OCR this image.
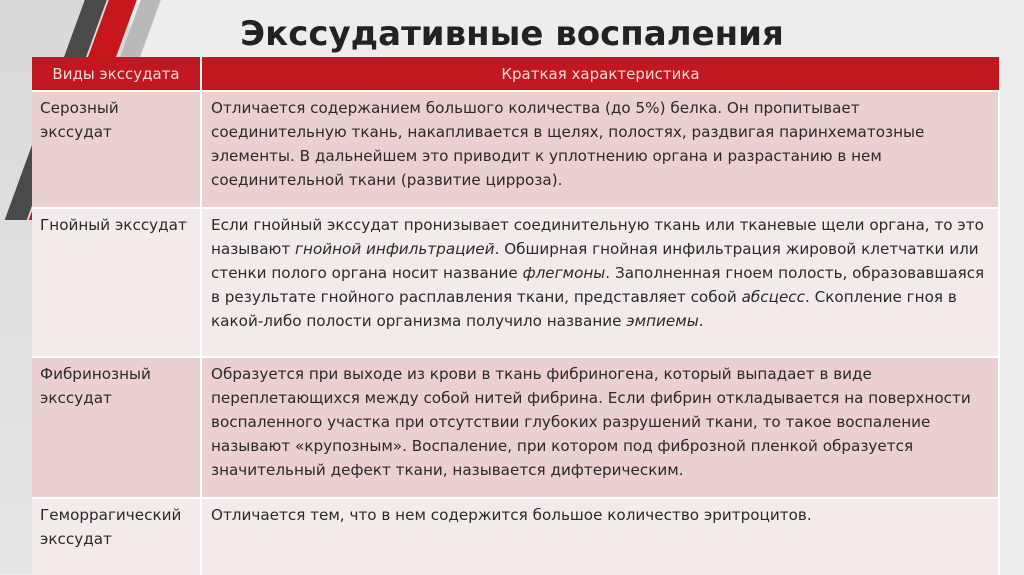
Экссудативные воспаления
Виды экссудата	Краткая характеристика
Серозный экссудат	Отличается содержанием большого количества (до 5%) белка. Он пропитывает соединительную ткань, накапливается в щелях, полостях, раздвигая паринхематозные элементы. В дальнейшем это приводит к уплотнению органа и разрастанию в нем соединительной ткани (развитие цирроза).
Гнойный экссудат	Если гнойный экссудат пронизывает соединительную ткань или тканевые щели органа, то это называют гнойной инфильтрацией. Обширная гнойная инфильтрация жировой клетчатки или стенки полого органа носит название флегмоны. Заполненная гноем полость, образовавшаяся в результате гнойного расплавления ткани, представляет собой абсцесс. Скопление гноя в какой-либо полости организма получило название эмпиемы.
Фибринозный экссудат	Образуется при выходе из крови в ткань фибриногена, который выпадает в виде переплетающихся между собой нитей фибрина. Если фибрин откладывается на поверхности воспаленного участка при отсутствии глубоких разрушений ткани, то такое воспаление называют «крупозным». Воспаление, при котором под фиброзной пленкой образуется значительный дефект ткани, называется дифтерическим.
Геморрагический экссудат	Отличается тем, что в нем содержится большое количество эритроцитов.
